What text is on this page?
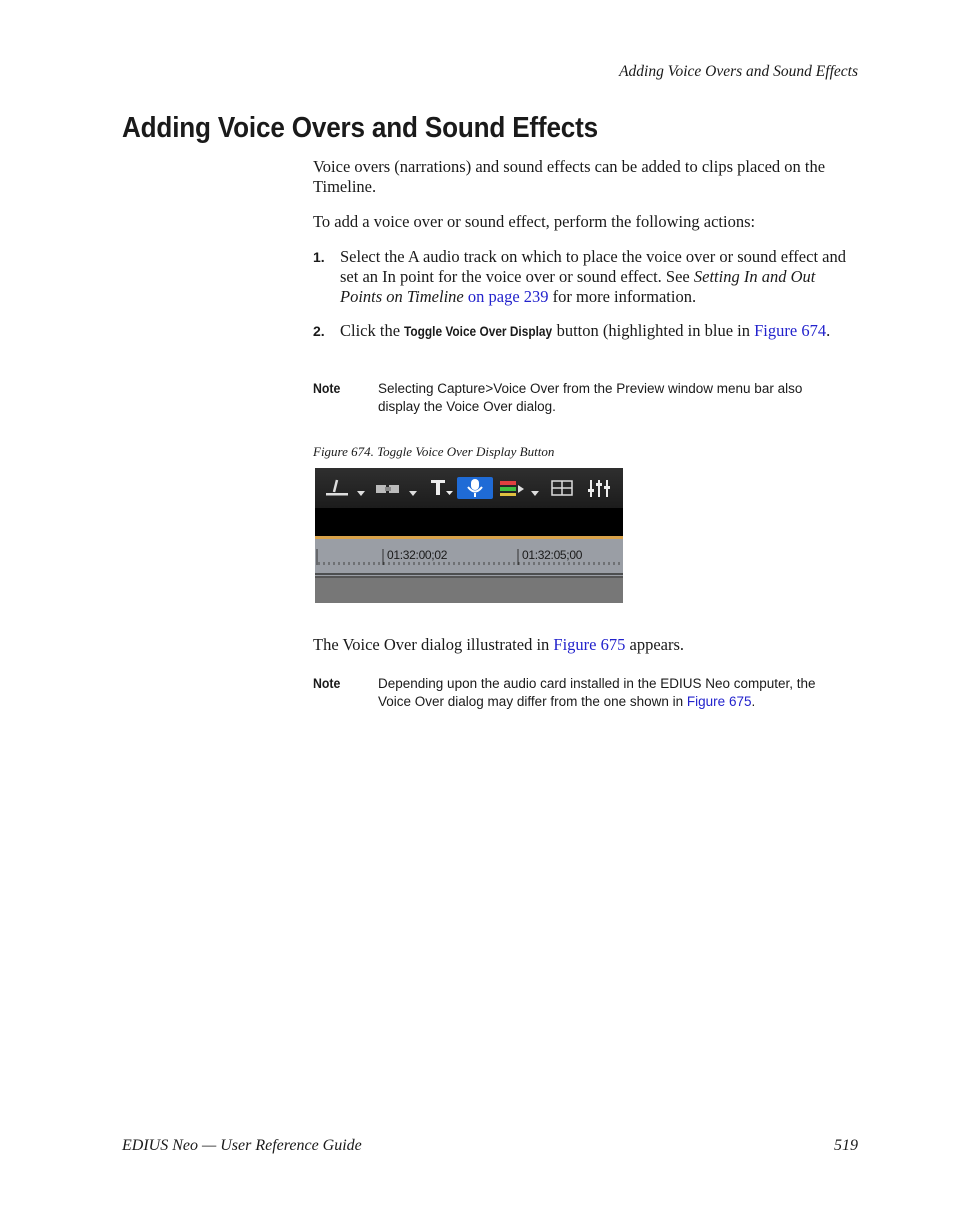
Adding Voice Overs and Sound Effects
Adding Voice Overs and Sound Effects

Voice overs (narrations) and sound effects can be added to clips placed on the Timeline.

To add a voice over or sound effect, perform the following actions:

1. Select the A audio track on which to place the voice over or sound effect and set an In point for the voice over or sound effect. See Setting In and Out Points on Timeline on page 239 for more information.
2. Click the Toggle Voice Over Display button (highlighted in blue in Figure 674.
Note	Selecting Capture>Voice Over from the Preview window menu bar also display the Voice Over dialog.
Figure 674. Toggle Voice Over Display Button
01:32:00;02	01:32:05;00

The Voice Over dialog illustrated in Figure 675 appears.

Note	Depending upon the audio card installed in the EDIUS Neo computer, the Voice Over dialog may differ from the one shown in Figure 675.
EDIUS Neo — User Reference Guide	519
